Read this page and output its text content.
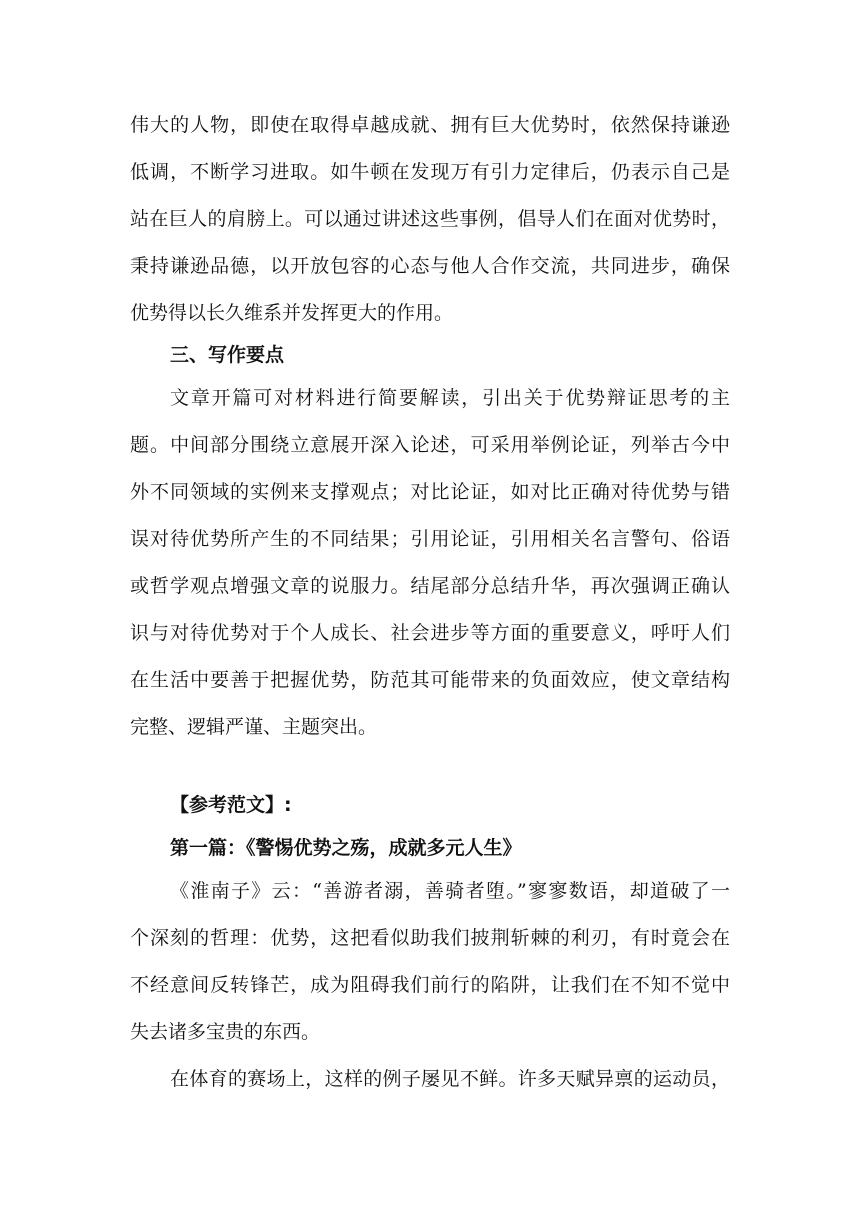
伟大的人物，即使在取得卓越成就、拥有巨大优势时，依然保持谦逊
低调，不断学习进取。如牛顿在发现万有引力定律后，仍表示自己是
站在巨人的肩膀上。可以通过讲述这些事例，倡导人们在面对优势时，
秉持谦逊品德，以开放包容的心态与他人合作交流，共同进步，确保
优势得以长久维系并发挥更大的作用。
三、写作要点
文章开篇可对材料进行简要解读，引出关于优势辩证思考的主
题。中间部分围绕立意展开深入论述，可采用举例论证，列举古今中
外不同领域的实例来支撑观点；对比论证，如对比正确对待优势与错
误对待优势所产生的不同结果；引用论证，引用相关名言警句、俗语
或哲学观点增强文章的说服力。结尾部分总结升华，再次强调正确认
识与对待优势对于个人成长、社会进步等方面的重要意义，呼吁人们
在生活中要善于把握优势，防范其可能带来的负面效应，使文章结构
完整、逻辑严谨、主题突出。
【参考范文】:
第一篇：《警惕优势之殇，成就多元人生》
《淮南子》云：“善游者溺，善骑者堕。”寥寥数语，却道破了一
个深刻的哲理：优势，这把看似助我们披荆斩棘的利刃，有时竟会在
不经意间反转锋芒，成为阻碍我们前行的陷阱，让我们在不知不觉中
失去诸多宝贵的东西。
在体育的赛场上，这样的例子屡见不鲜。许多天赋异禀的运动员，
